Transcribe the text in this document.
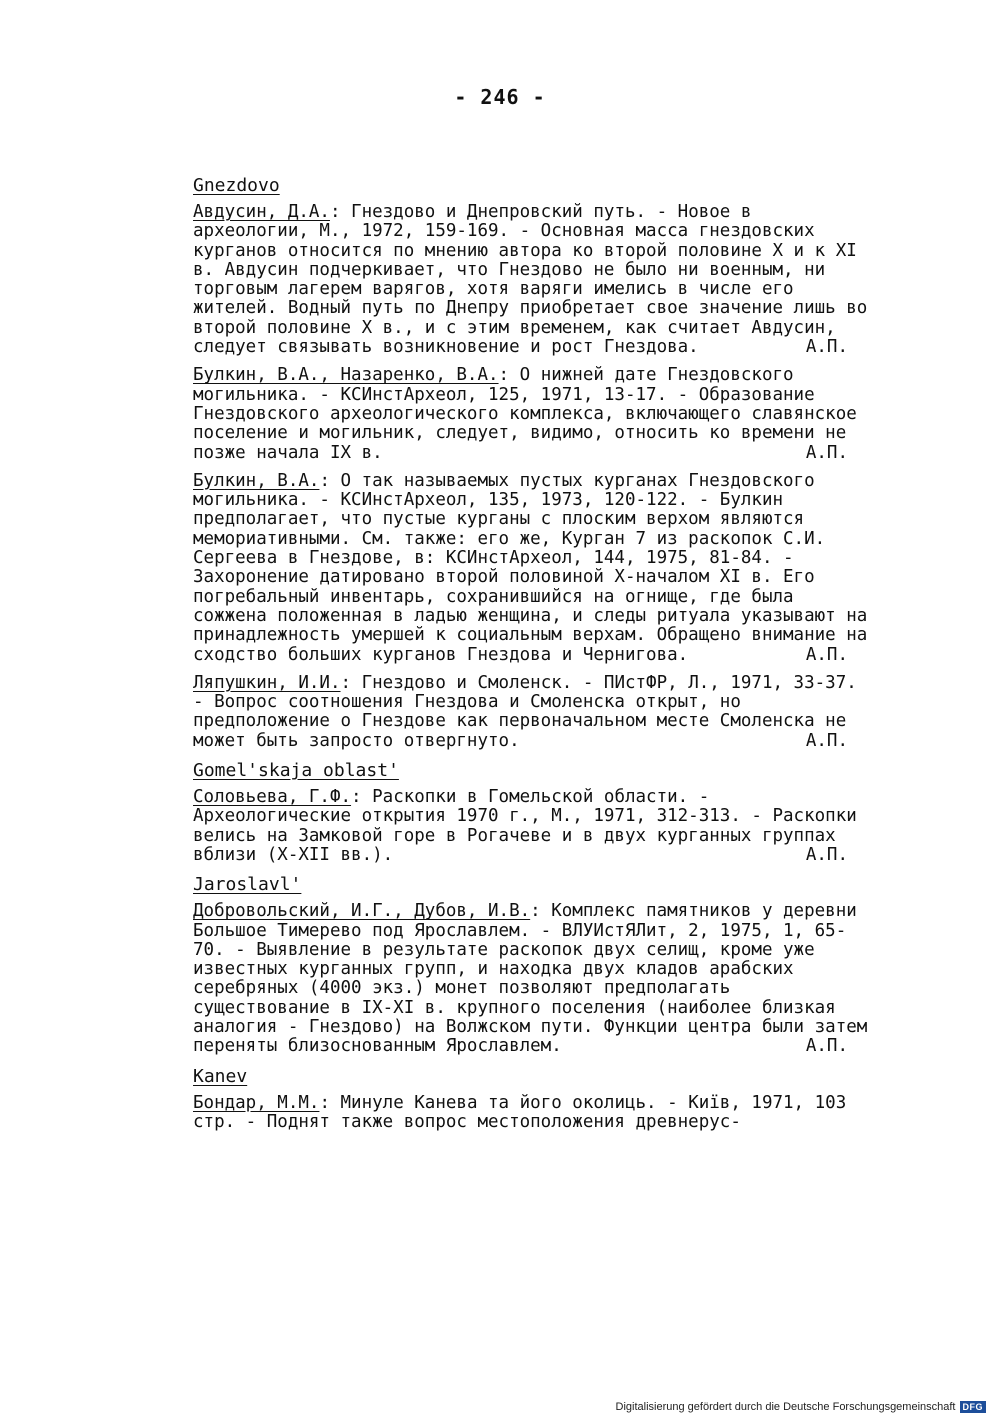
- 246 -
Gnezdovo
Авдусин, Д.А.: Гнездово и Днепровский путь. - Новое в археологии, М., 1972, 159-169. - Основная масса гнездовских курганов относится по мнению автора ко второй половине X и к XI в. Авдусин подчеркивает, что Гнездово не было ни военным, ни торговым лагерем варягов, хотя варяги имелись в числе его жителей. Водный путь по Днепру приобретает свое значение лишь во второй половине X в., и с этим временем, как считает Авдусин, следует связывать возникновение и рост Гнездова.	А.П.
Булкин, В.А., Назаренко, В.А.: О нижней дате Гнездовского могильника. - КСИнстАрхеол, 125, 1971, 13-17. - Образование Гнездовского археологического комплекса, включающего славянское поселение и могильник, следует, видимо, относить ко времени не позже начала IX в.	А.П.
Булкин, В.А.: О так называемых пустых курганах Гнездовского могильника. - КСИнстАрхеол, 135, 1973, 120-122. - Булкин предполагает, что пустые курганы с плоским верхом являются мемориативными. См. также: его же, Курган 7 из раскопок С.И. Сергеева в Гнездове, в: КСИнстАрхеол, 144, 1975, 81-84. - Захоронение датировано второй половиной X-началом XI в. Его погребальный инвентарь, сохранившийся на огнище, где была сожжена положенная в ладью женщина, и следы ритуала указывают на принадлежность умершей к социальным верхам. Обращено внимание на сходство больших курганов Гнездова и Чернигова.	А.П.
Ляпушкин, И.И.: Гнездово и Смоленск. - ПИстФР, Л., 1971, 33-37. - Вопрос соотношения Гнездова и Смоленска открыт, но предположение о Гнездове как первоначальном месте Смоленска не может быть запросто отвергнуто.	А.П.
Gomel'skaja oblast'
Соловьева, Г.Ф.: Раскопки в Гомельской области. - Археологические открытия 1970 г., М., 1971, 312-313. - Раскопки велись на Замковой горе в Рогачеве и в двух курганных группах вблизи (X-XII вв.).	А.П.
Jaroslavl'
Добровольский, И.Г., Дубов, И.В.: Комплекс памятников у деревни Большое Тимерево под Ярославлем. - ВЛУИстЯЛит, 2, 1975, 1, 65-70. - Выявление в результате раскопок двух селищ, кроме уже известных курганных групп, и находка двух кладов арабских серебряных (4000 экз.) монет позволяют предполагать существование в IX-XI в. крупного поселения (наиболее близкая аналогия - Гнездово) на Волжском пути. Функции центра были затем переняты близоснованным Ярославлем.	А.П.
Kanev
Бондар, М.М.: Минуле Канева та його околиць. - Київ, 1971, 103 стр. - Поднят также вопрос местоположения древнерус-
Digitalisierung gefördert durch die Deutsche Forschungsgemeinschaft DFG
